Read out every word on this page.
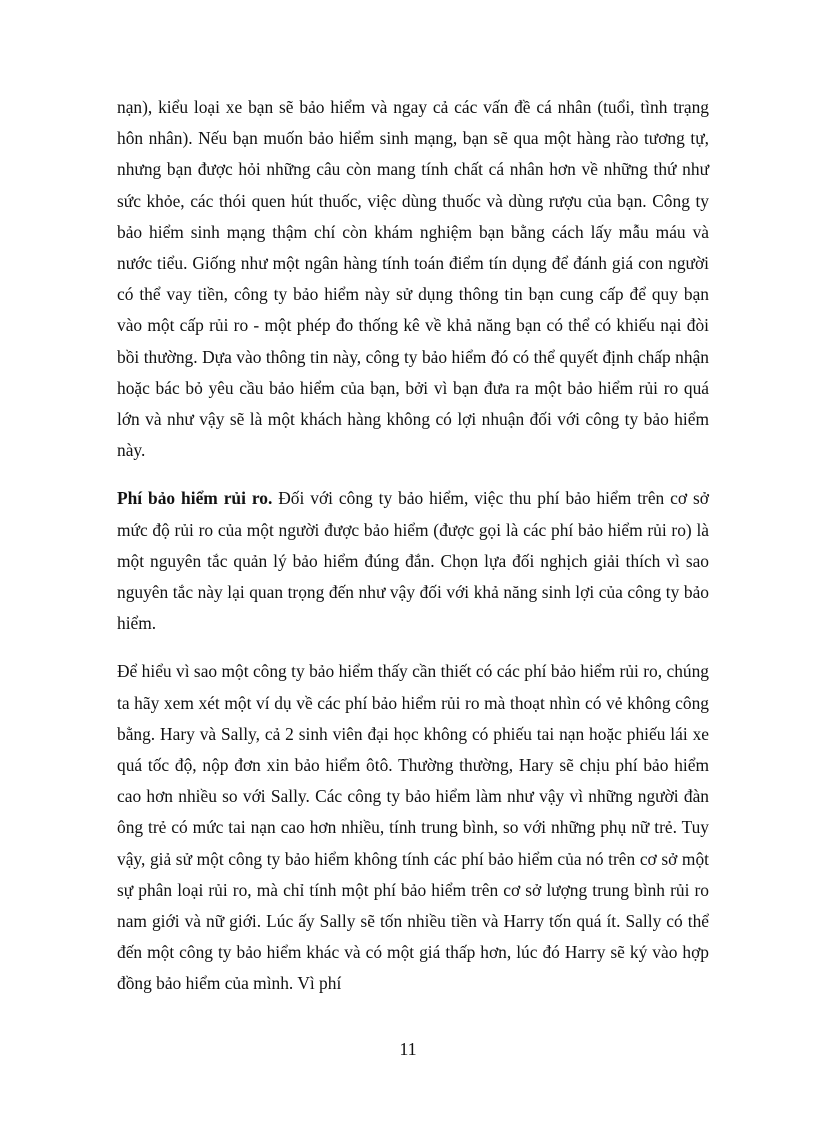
nạn), kiểu loại xe bạn sẽ bảo hiểm và ngay cả các vấn đề cá nhân (tuổi, tình trạng hôn nhân). Nếu bạn muốn bảo hiểm sinh mạng, bạn sẽ qua một hàng rào tương tự, nhưng bạn được hỏi những câu còn mang tính chất cá nhân hơn về những thứ như sức khỏe, các thói quen hút thuốc, việc dùng thuốc và dùng rượu của bạn. Công ty bảo hiểm sinh mạng thậm chí còn khám nghiệm bạn bằng cách lấy mẫu máu và nước tiểu. Giống như một ngân hàng tính toán điểm tín dụng để đánh giá con người có thể vay tiền, công ty bảo hiểm này sử dụng thông tin bạn cung cấp để quy bạn vào một cấp rủi ro - một phép đo thống kê về khả năng bạn có thể có khiếu nại đòi bồi thường. Dựa vào thông tin này, công ty bảo hiểm đó có thể quyết định chấp nhận hoặc bác bỏ yêu cầu bảo hiểm của bạn, bởi vì bạn đưa ra một bảo hiểm rủi ro quá lớn và như vậy sẽ là một khách hàng không có lợi nhuận đối với công ty bảo hiểm này.

Phí bảo hiểm rủi ro. Đối với công ty bảo hiểm, việc thu phí bảo hiểm trên cơ sở mức độ rủi ro của một người được bảo hiểm (được gọi là các phí bảo hiểm rủi ro) là một nguyên tắc quản lý bảo hiểm đúng đắn. Chọn lựa đối nghịch giải thích vì sao nguyên tắc này lại quan trọng đến như vậy đối với khả năng sinh lợi của công ty bảo hiểm.

Để hiểu vì sao một công ty bảo hiểm thấy cần thiết có các phí bảo hiểm rủi ro, chúng ta hãy xem xét một ví dụ về các phí bảo hiểm rủi ro mà thoạt nhìn có vẻ không công bằng. Hary và Sally, cả 2 sinh viên đại học không có phiếu tai nạn hoặc phiếu lái xe quá tốc độ, nộp đơn xin bảo hiểm ôtô. Thường thường, Hary sẽ chịu phí bảo hiểm cao hơn nhiều so với Sally. Các công ty bảo hiểm làm như vậy vì những người đàn ông trẻ có mức tai nạn cao hơn nhiều, tính trung bình, so với những phụ nữ trẻ. Tuy vậy, giả sử một công ty bảo hiểm không tính các phí bảo hiểm của nó trên cơ sở một sự phân loại rủi ro, mà chỉ tính một phí bảo hiểm trên cơ sở lượng trung bình rủi ro nam giới và nữ giới. Lúc ấy Sally sẽ tốn nhiều tiền và Harry tốn quá ít. Sally có thể đến một công ty bảo hiểm khác và có một giá thấp hơn, lúc đó Harry sẽ ký vào hợp đồng bảo hiểm của mình. Vì phí

11
